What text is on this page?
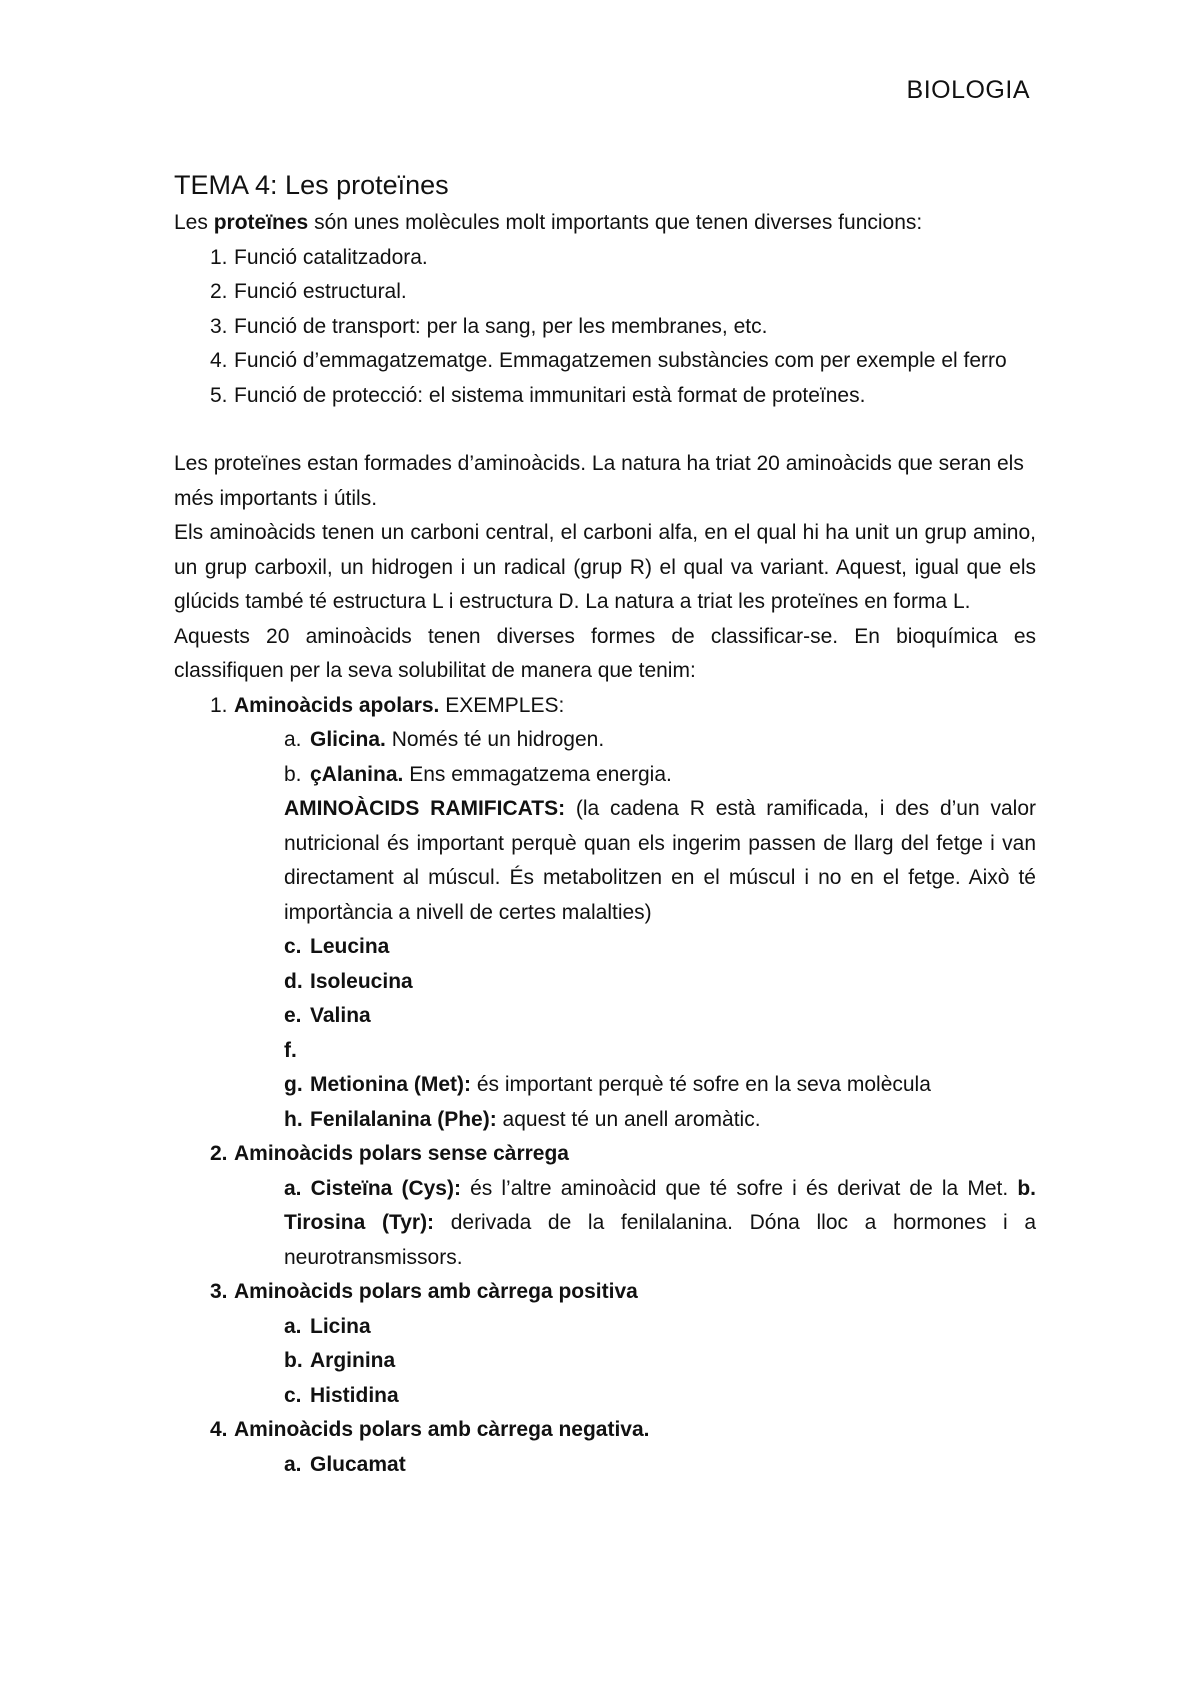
BIOLOGIA
TEMA 4: Les proteïnes

Les proteïnes són unes molècules molt importants que tenen diverses funcions:

1. Funció catalitzadora.
2. Funció estructural.
3. Funció de transport: per la sang, per les membranes, etc.
4. Funció d’emmagatzematge. Emmagatzemen substàncies com per exemple el ferro
5. Funció de protecció: el sistema immunitari està format de proteïnes.

Les proteïnes estan formades d’aminoàcids. La natura ha triat 20 aminoàcids que seran els més importants i útils.

Els aminoàcids tenen un carboni central, el carboni alfa, en el qual hi ha unit un grup amino, un grup carboxil, un hidrogen i un radical (grup R) el qual va variant. Aquest, igual que els glúcids també té estructura L i estructura D. La natura a triat les proteïnes en forma L.

Aquests 20 aminoàcids tenen diverses formes de classificar-se. En bioquímica es classifiquen per la seva solubilitat de manera que tenim:

1. Aminoàcids apolars. EXEMPLES:
a. Glicina. Només té un hidrogen.
b. çAlanina. Ens emmagatzema energia.
AMINOÀCIDS RAMIFICATS: (la cadena R està ramificada, i des d’un valor nutricional és important perquè quan els ingerim passen de llarg del fetge i van directament al múscul. És metabolitzen en el múscul i no en el fetge. Això té importància a nivell de certes malalties)
c. Leucina
d. Isoleucina
e. Valina
f.
g. Metionina (Met): és important perquè té sofre en la seva molècula
h. Fenilalanina (Phe): aquest té un anell aromàtic.
2. Aminoàcids polars sense càrrega
a. Cisteïna (Cys): és l’altre aminoàcid que té sofre i és derivat de la Met. b. Tirosina (Tyr): derivada de la fenilalanina. Dóna lloc a hormones i a neurotransmissors.
3. Aminoàcids polars amb càrrega positiva
a. Licina
b. Arginina
c. Histidina
4. Aminoàcids polars amb càrrega negativa.
a. Glucamat
